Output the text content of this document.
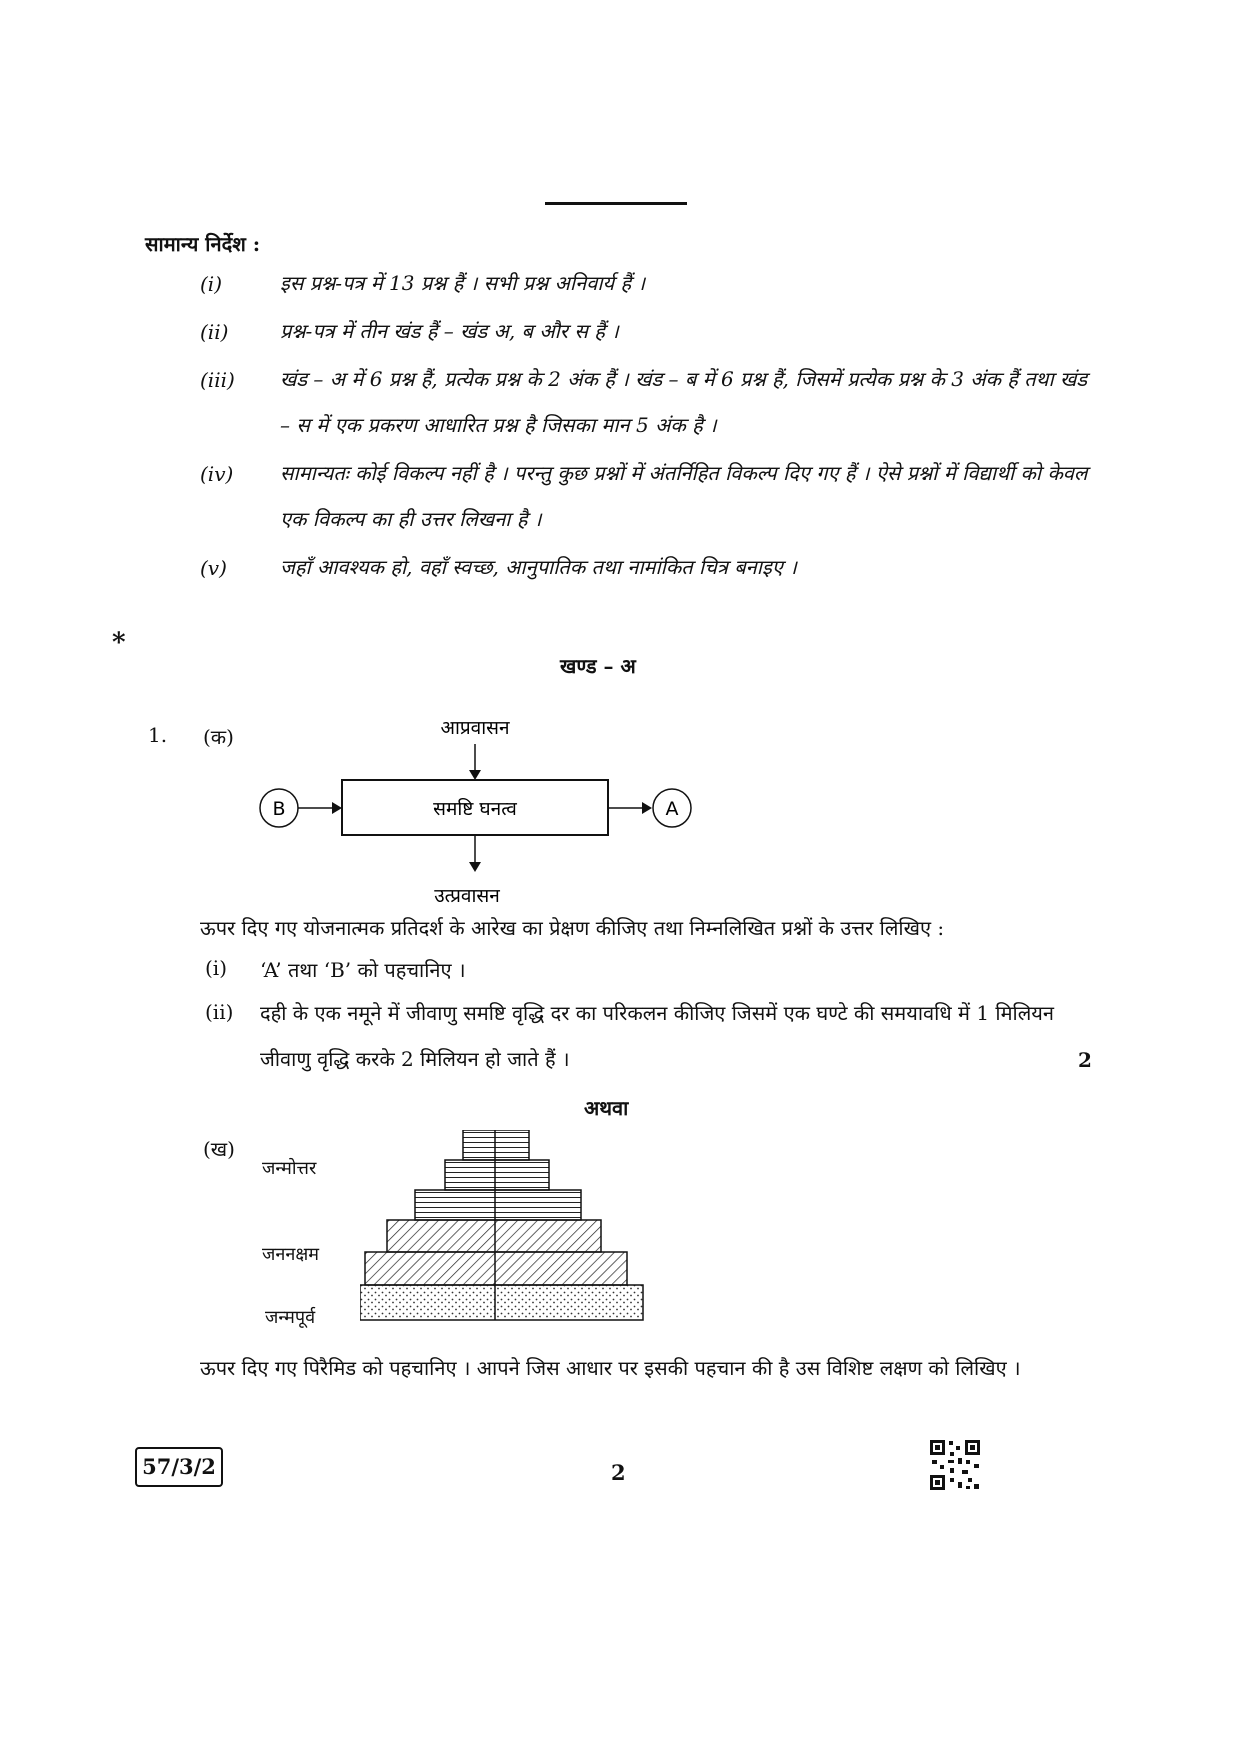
सामान्य निर्देश :
(i)	इस प्रश्न-पत्र में 13 प्रश्न हैं । सभी प्रश्न अनिवार्य हैं ।
(ii)	प्रश्न-पत्र में तीन खंड हैं – खंड अ, ब और स हैं ।
(iii)	खंड – अ में 6 प्रश्न हैं, प्रत्येक प्रश्न के 2 अंक हैं । खंड – ब में 6 प्रश्न हैं, जिसमें प्रत्येक प्रश्न के 3 अंक हैं तथा खंड – स में एक प्रकरण आधारित प्रश्न है जिसका मान 5 अंक है ।
(iv)	सामान्यतः कोई विकल्प नहीं है । परन्तु कुछ प्रश्नों में अंतर्निहित विकल्प दिए गए हैं । ऐसे प्रश्नों में विद्यार्थी को केवल एक विकल्प का ही उत्तर लिखना है ।
(v)	जहाँ आवश्यक हो, वहाँ स्वच्छ, आनुपातिक तथा नामांकित चित्र बनाइए ।
*
खण्ड – अ
1. (क)	आप्रवासन
समष्टि घनत्व
B	A
उत्प्रवासन
ऊपर दिए गए योजनात्मक प्रतिदर्श के आरेख का प्रेक्षण कीजिए तथा निम्नलिखित प्रश्नों के उत्तर लिखिए :
(i) ‘A’ तथा ‘B’ को पहचानिए ।
(ii) दही के एक नमूने में जीवाणु समष्टि वृद्धि दर का परिकलन कीजिए जिसमें एक घण्टे की समयावधि में 1 मिलियन जीवाणु वृद्धि करके 2 मिलियन हो जाते हैं ।	2
अथवा
(ख)
जन्मोत्तर
जननक्षम
जन्मपूर्व
ऊपर दिए गए पिरैमिड को पहचानिए । आपने जिस आधार पर इसकी पहचान की है उस विशिष्ट लक्षण को लिखिए ।
57/3/2	2
